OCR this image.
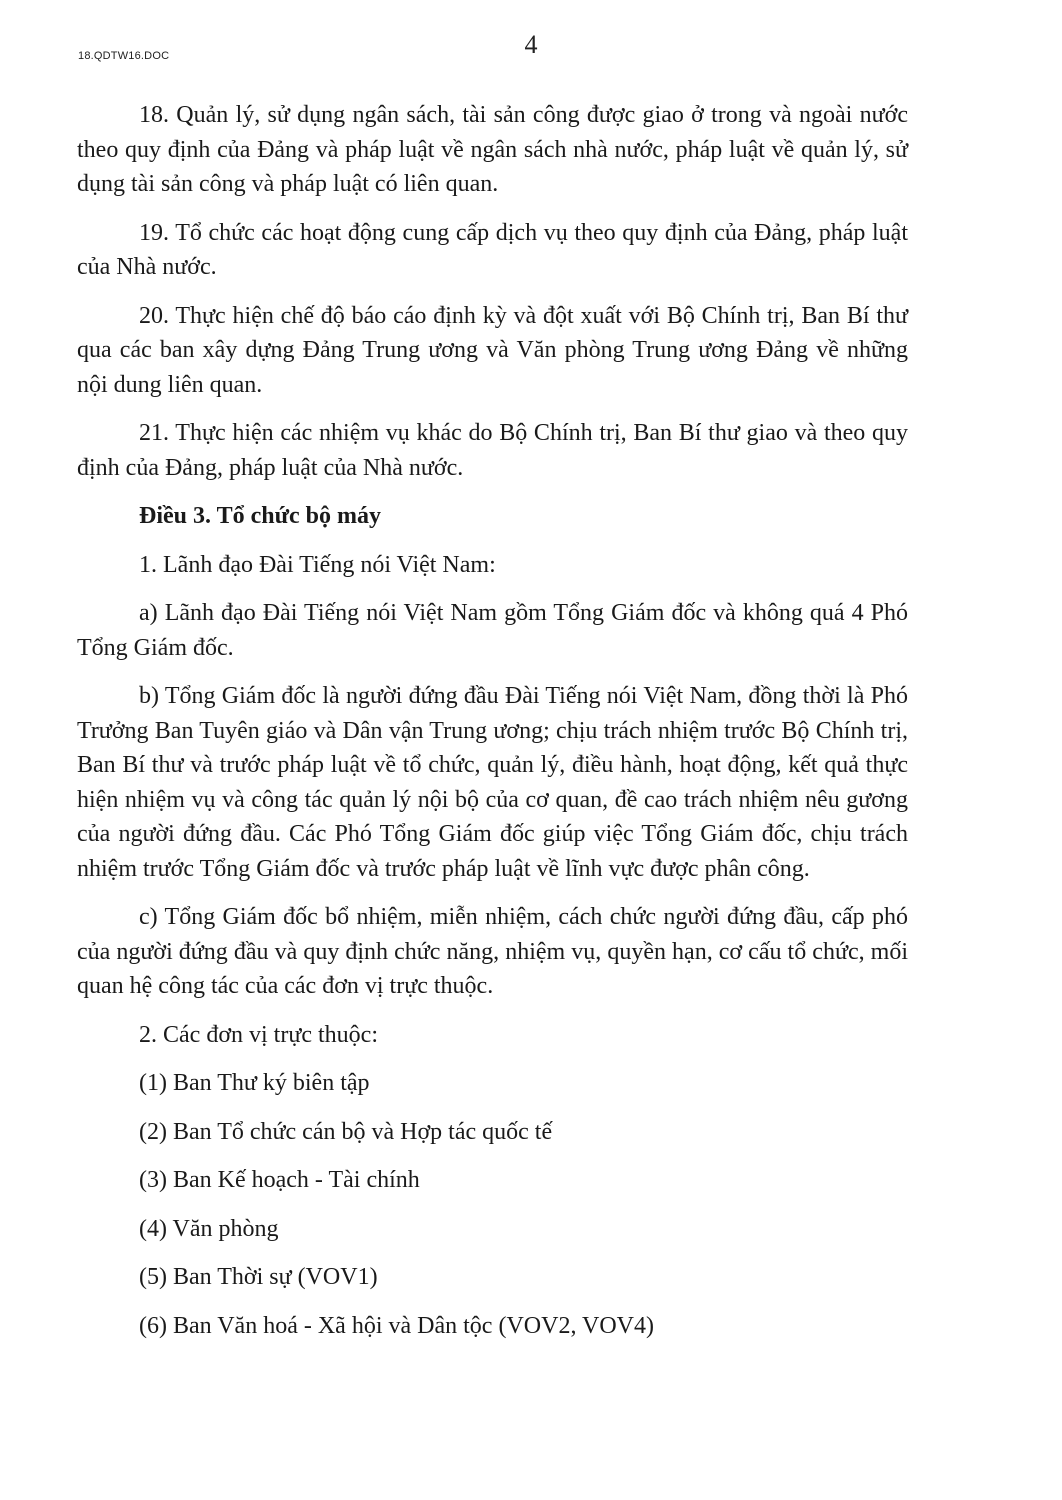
18.QDTW16.DOC	4

18. Quản lý, sử dụng ngân sách, tài sản công được giao ở trong và ngoài nước theo quy định của Đảng và pháp luật về ngân sách nhà nước, pháp luật về quản lý, sử dụng tài sản công và pháp luật có liên quan.

19. Tổ chức các hoạt động cung cấp dịch vụ theo quy định của Đảng, pháp luật của Nhà nước.

20. Thực hiện chế độ báo cáo định kỳ và đột xuất với Bộ Chính trị, Ban Bí thư qua các ban xây dựng Đảng Trung ương và Văn phòng Trung ương Đảng về những nội dung liên quan.

21. Thực hiện các nhiệm vụ khác do Bộ Chính trị, Ban Bí thư giao và theo quy định của Đảng, pháp luật của Nhà nước.

Điều 3. Tổ chức bộ máy

1. Lãnh đạo Đài Tiếng nói Việt Nam:

a) Lãnh đạo Đài Tiếng nói Việt Nam gồm Tổng Giám đốc và không quá 4 Phó Tổng Giám đốc.

b) Tổng Giám đốc là người đứng đầu Đài Tiếng nói Việt Nam, đồng thời là Phó Trưởng Ban Tuyên giáo và Dân vận Trung ương; chịu trách nhiệm trước Bộ Chính trị, Ban Bí thư và trước pháp luật về tổ chức, quản lý, điều hành, hoạt động, kết quả thực hiện nhiệm vụ và công tác quản lý nội bộ của cơ quan, đề cao trách nhiệm nêu gương của người đứng đầu. Các Phó Tổng Giám đốc giúp việc Tổng Giám đốc, chịu trách nhiệm trước Tổng Giám đốc và trước pháp luật về lĩnh vực được phân công.

c) Tổng Giám đốc bổ nhiệm, miễn nhiệm, cách chức người đứng đầu, cấp phó của người đứng đầu và quy định chức năng, nhiệm vụ, quyền hạn, cơ cấu tổ chức, mối quan hệ công tác của các đơn vị trực thuộc.

2. Các đơn vị trực thuộc:

(1) Ban Thư ký biên tập

(2) Ban Tổ chức cán bộ và Hợp tác quốc tế

(3) Ban Kế hoạch - Tài chính

(4) Văn phòng

(5) Ban Thời sự (VOV1)

(6) Ban Văn hoá - Xã hội và Dân tộc (VOV2, VOV4)
